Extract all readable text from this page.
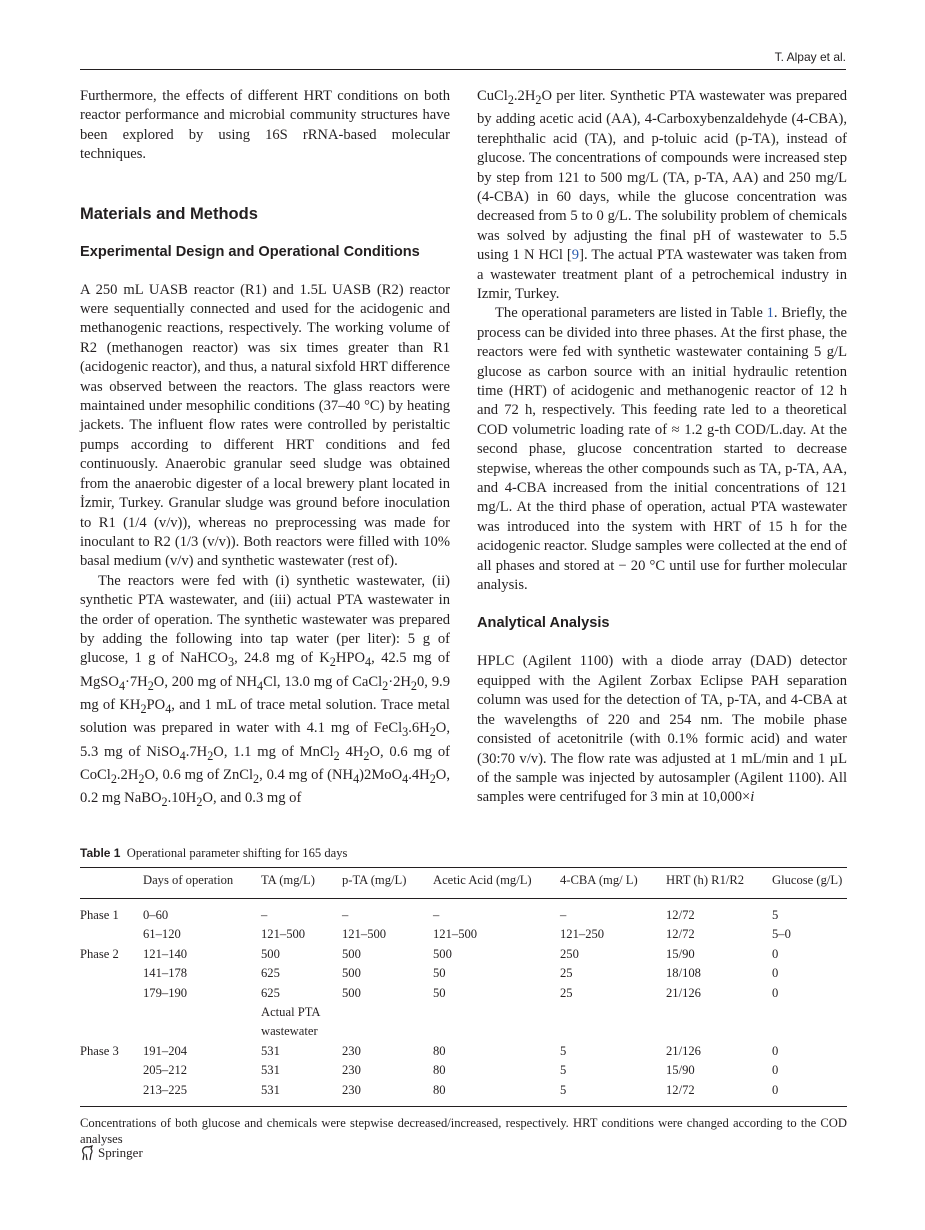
T. Alpay et al.

Furthermore, the effects of different HRT conditions on both reactor performance and microbial community structures have been explored by using 16S rRNA-based molecular techniques.

Materials and Methods
Experimental Design and Operational Conditions

A 250 mL UASB reactor (R1) and 1.5L UASB (R2) reactor were sequentially connected and used for the acidogenic and methanogenic reactions, respectively. The working volume of R2 (methanogen reactor) was six times greater than R1 (acidogenic reactor), and thus, a natural sixfold HRT difference was observed between the reactors. The glass reactors were maintained under mesophilic conditions (37–40 °C) by heating jackets. The influent flow rates were controlled by peristaltic pumps according to different HRT conditions and fed continuously. Anaerobic granular seed sludge was obtained from the anaerobic digester of a local brewery plant located in İzmir, Turkey. Granular sludge was ground before inoculation to R1 (1/4 (v/v)), whereas no preprocessing was made for inoculant to R2 (1/3 (v/v)). Both reactors were filled with 10% basal medium (v/v) and synthetic wastewater (rest of).

The reactors were fed with (i) synthetic wastewater, (ii) synthetic PTA wastewater, and (iii) actual PTA wastewater in the order of operation. The synthetic wastewater was prepared by adding the following into tap water (per liter): 5 g of glucose, 1 g of NaHCO$_3$, 24.8 mg of $K_2HPO_4$, 42.5 mg of $MgSO_4\cdot 7H_2O$, 200 mg of $NH_4Cl$, 13.0 mg of $CaCl_2\cdot 2H_20$, 9.9 mg of $KH_2PO_4$, and 1 mL of trace metal solution. Trace metal solution was prepared in water with 4.1 mg of $FeCl_3.6H_2O$, 5.3 mg of $NiSO_4.7H_2O$, 1.1 mg of MnCl$_2$ $4H_2O$, 0.6 mg of $CoCl_2.2H_2O$, 0.6 mg of ZnCl$_2$, 0.4 mg of $(NH_4)2MoO_4.4H_2O$, 0.2 mg $NaBO_2.10H_2O$, and 0.3 mg of

$CuCl_2.2H_2O$ per liter. Synthetic PTA wastewater was prepared by adding acetic acid (AA), 4-Carboxybenzaldehyde (4-CBA), terephthalic acid (TA), and p-toluic acid (p-TA), instead of glucose. The concentrations of compounds were increased step by step from 121 to 500 mg/L (TA, p-TA, AA) and 250 mg/L (4-CBA) in 60 days, while the glucose concentration was decreased from 5 to 0 g/L. The solubility problem of chemicals was solved by adjusting the final pH of wastewater to 5.5 using 1 N HCl [9]. The actual PTA wastewater was taken from a wastewater treatment plant of a petrochemical industry in Izmir, Turkey.

The operational parameters are listed in Table 1. Briefly, the process can be divided into three phases. At the first phase, the reactors were fed with synthetic wastewater containing 5 g/L glucose as carbon source with an initial hydraulic retention time (HRT) of acidogenic and methanogenic reactor of 12 h and 72 h, respectively. This feeding rate led to a theoretical COD volumetric loading rate of ≈ 1.2 g-th COD/L.day. At the second phase, glucose concentration started to decrease stepwise, whereas the other compounds such as TA, p-TA, AA, and 4-CBA increased from the initial concentrations of 121 mg/L. At the third phase of operation, actual PTA wastewater was introduced into the system with HRT of 15 h for the acidogenic reactor. Sludge samples were collected at the end of all phases and stored at − 20 °C until use for further molecular analysis.

Analytical Analysis

HPLC (Agilent 1100) with a diode array (DAD) detector equipped with the Agilent Zorbax Eclipse PAH separation column was used for the detection of TA, p-TA, and 4-CBA at the wavelengths of 220 and 254 nm. The mobile phase consisted of acetonitrile (with 0.1% formic acid) and water (30:70 v/v). The flow rate was adjusted at 1 mL/min and 1 µL of the sample was injected by autosampler (Agilent 1100). All samples were centrifuged for 3 min at 10,000×i

Table 1 Operational parameter shifting for 165 days
	Days of operation	TA (mg/L)	p-TA (mg/L)	Acetic Acid (mg/L)	4-CBA (mg/ L)	HRT (h) R1/R2	Glucose (g/L)
Phase 1	0–60	–	–	–	–	12/72	5
	61–120	121–500	121–500	121–500	121–250	12/72	5–0
Phase 2	121–140	500	500	500	250	15/90	0
	141–178	625	500	50	25	18/108	0
	179–190	625	500	50	25	21/126	0
		Actual PTA wastewater					
Phase 3	191–204	531	230	80	5	21/126	0
	205–212	531	230	80	5	15/90	0
	213–225	531	230	80	5	12/72	0
Concentrations of both glucose and chemicals were stepwise decreased/increased, respectively. HRT conditions were changed according to the COD analyses
Springer
